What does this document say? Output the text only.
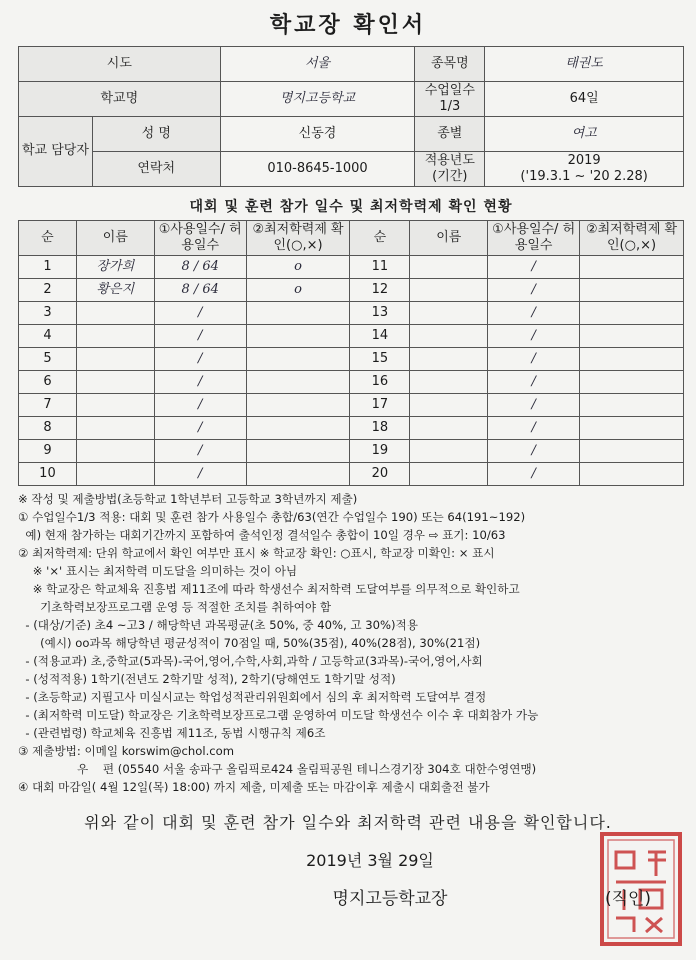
학교장 확인서
시도		서울	종목명	태권도
학교명		명지고등학교	수업일수 1/3	64일
학교 담당자	성 명	신동경	종별	여고
	연락처	010-8645-1000	적용년도 (기간)	2019
('19.3.1 ~ '20 2.28)
대회 및 훈련 참가 일수 및 최저학력제 확인 현황
순	이름	①사용일수/ 허용일수	②최저학력제 확인(○,×)	순	이름	①사용일수/ 허용일수	②최저학력제 확인(○,×)
1	장가희	8 / 64	o	11		/	
2	황은지	8 / 64	o	12		/	
3		/		13		/	
4		/		14		/	
5		/		15		/	
6		/		16		/	
7		/		17		/	
8		/		18		/	
9		/		19		/	
10		/		20		/	
※ 작성 및 제출방법(초등학교 1학년부터 고등학교 3학년까지 제출)
① 수업일수1/3 적용: 대회 및 훈련 참가 사용일수 총합/63(연간 수업일수 190) 또는 64(191~192)
예) 현재 참가하는 대회기간까지 포함하여 출석인정 결석일수 총합이 10일 경우 ⇨ 표기: 10/63
② 최저학력제: 단위 학교에서 확인 여부만 표시 ※ 학교장 확인: ○표시, 학교장 미확인: × 표시
※ '×' 표시는 최저학력 미도달을 의미하는 것이 아님
※ 학교장은 학교체육 진흥법 제11조에 따라 학생선수 최저학력 도달여부를 의무적으로 확인하고
기초학력보장프로그램 운영 등 적절한 조치를 취하여야 함
- (대상/기준) 초4 ~고3 / 해당학년 과목평균(초 50%, 중 40%, 고 30%)적용
(예시) oo과목 해당학년 평균성적이 70점일 때, 50%(35점), 40%(28점), 30%(21점)
- (적용교과) 초,중학교(5과목)-국어,영어,수학,사회,과학 / 고등학교(3과목)-국어,영어,사회
- (성적적용) 1학기(전년도 2학기말 성적), 2학기(당해연도 1학기말 성적)
- (초등학교) 지필고사 미실시교는 학업성적관리위원회에서 심의 후 최저학력 도달여부 결정
- (최저학력 미도달) 학교장은 기초학력보장프로그램 운영하여 미도달 학생선수 이수 후 대회참가 가능
- (관련법령) 학교체육 진흥법 제11조, 동법 시행규칙 제6조
③ 제출방법: 이메일 korswim@chol.com
우    편 (05540 서울 송파구 올림픽로424 올림픽공원 테니스경기장 304호 대한수영연맹)
④ 대회 마감일( 4월 12일(목) 18:00) 까지 제출, 미제출 또는 마감이후 제출시 대회출전 불가
위와 같이 대회 및 훈련 참가 일수와 최저학력 관련 내용을 확인합니다.
2019년 3월 29일
명지고등학교장	(직인)
